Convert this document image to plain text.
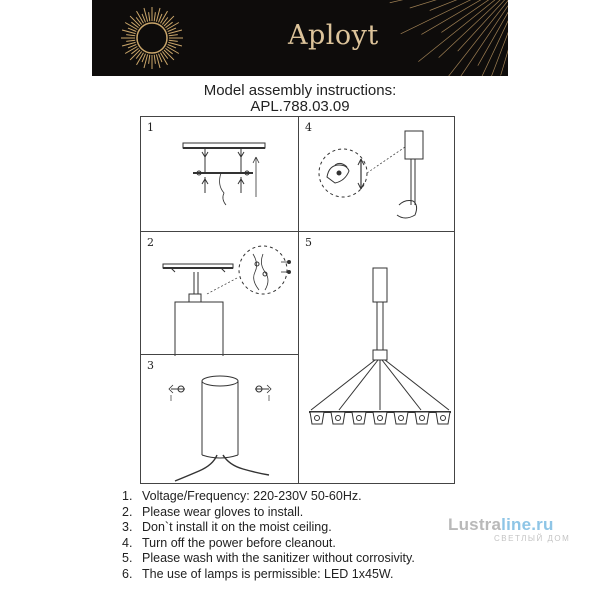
Aployt
Model assembly instructions:
APL.788.03.09
1	4
2	5
3
1. Voltage/Frequency: 220-230V 50-60Hz.
2. Please wear gloves to install.
3. Don`t install it on the moist ceiling.
4. Turn off the power before cleanout.
5. Please wash with the sanitizer without corrosivity.
6. The use of lamps is permissible: LED 1x45W.
Lustraline.ru
СВЕТЛЫЙ ДОМ
